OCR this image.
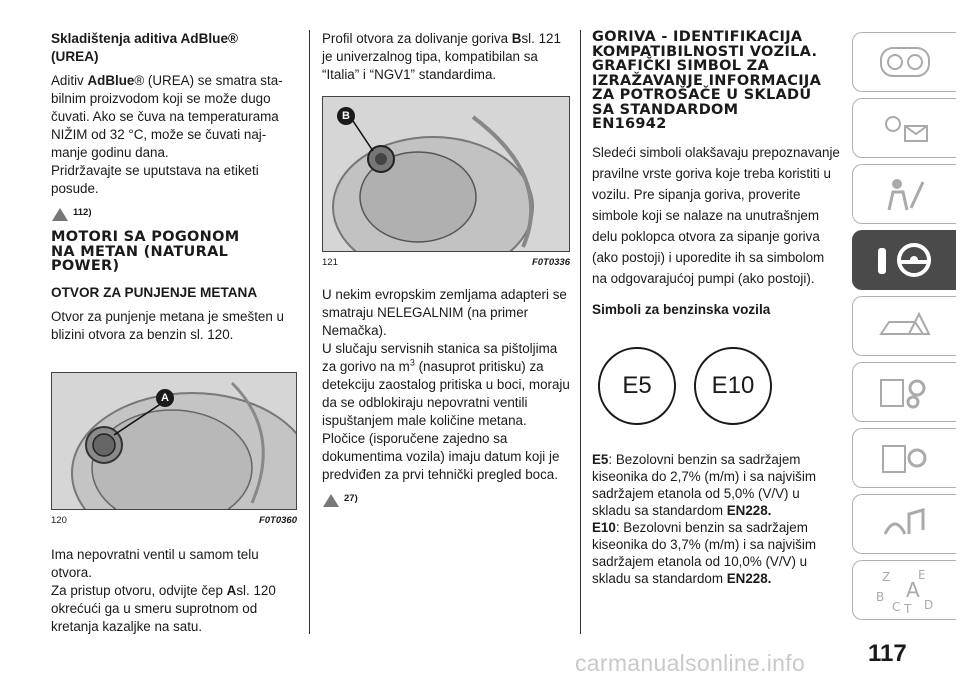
Skladištenja aditiva AdBlue®
(UREA)

Aditiv AdBlue® (UREA) se smatra sta-bilnim proizvodom koji se može dugo čuvati. Ako se čuva na temperaturama NIŽIM od 32 °C, može se čuvati naj-manje godinu dana.

Pridržavajte se uputstava na etiketi posude.

112)

MOTORI SA POGONOM
NA METAN (NATURAL
POWER)

OTVOR ZA PUNJENJE METANA

Otvor za punjenje metana je smešten u blizini otvora za benzin sl. 120.

A
120	F0T0360

Ima nepovratni ventil u samom telu otvora.

Za pristup otvoru, odvijte čep Asl. 120 okrećući ga u smeru suprotnom od kretanja kazaljke na satu.

Profil otvora za dolivanje goriva Bsl. 121 je univerzalnog tipa, kompatibilan sa “Italia” i “NGV1” standardima.

B
121	F0T0336

U nekim evropskim zemljama adapteri se smatraju NELEGALNIM (na primer Nemačka).

U slučaju servisnih stanica sa pištoljima za gorivo na $m^3$ (nasuprot pritisku) za detekciju zaostalog pritiska u boci, moraju da se odblokiraju nepovratni ventili ispuštanjem male količine metana.

Pločice (isporučene zajedno sa dokumentima vozila) imaju datum koji je predviđen za prvi tehnički pregled boca.

27)

GORIVA - IDENTIFIKACIJA
KOMPATIBILNOSTI VOZILA.
GRAFIČKI SIMBOL ZA
IZRAŽAVANJE INFORMACIJA
ZA POTROŠAČE U SKLADU
SA STANDARDOM
EN16942

Sledeći simboli olakšavaju prepoznavanje pravilne vrste goriva koje treba koristiti u vozilu. Pre sipanja goriva, proverite simbole koji se nalaze na unutrašnjem delu poklopca otvora za sipanje goriva (ako postoji) i uporedite ih sa simbolom na odgovarajućoj pumpi (ako postoji).

Simboli za benzinska vozila

E5	E10

E5: Bezolovni benzin sa sadržajem kiseonika do 2,7% (m/m) i sa najvišim sadržajem etanola od 5,0% (V/V) u skladu sa standardom EN228.

E10: Bezolovni benzin sa sadržajem kiseonika do 3,7% (m/m) i sa najvišim sadržajem etanola od 10,0% (V/V) u skladu sa standardom EN228.	Z E
B A
C T D
carmanualsonline.info	117
